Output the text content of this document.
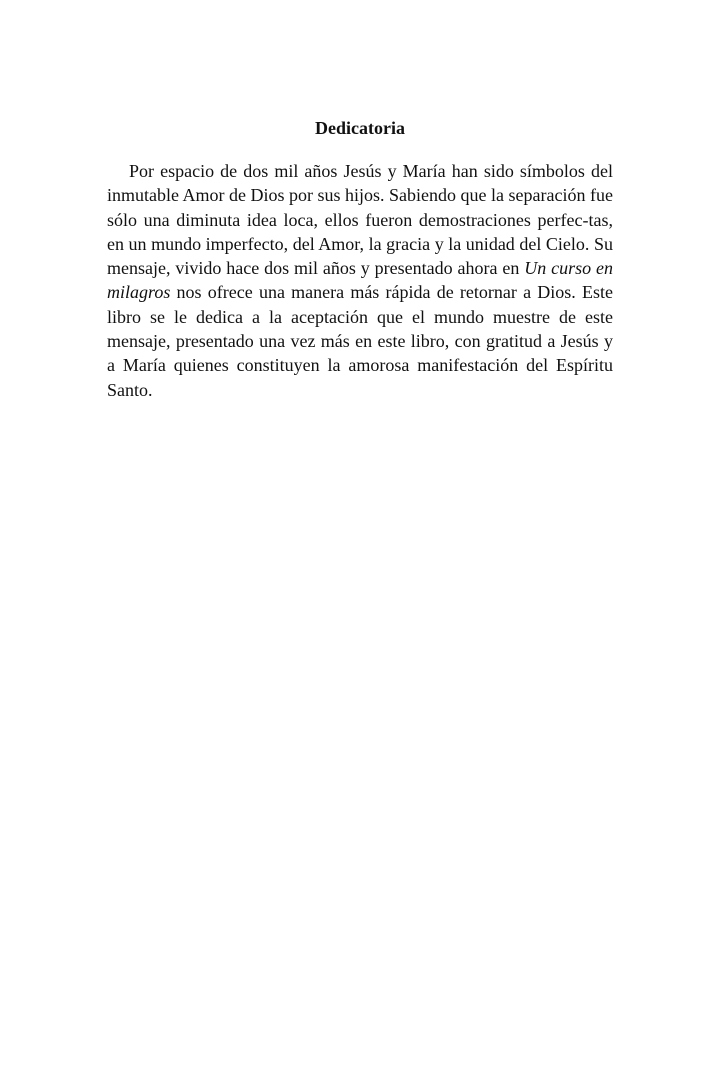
Dedicatoria

Por espacio de dos mil años Jesús y María han sido símbolos del inmutable Amor de Dios por sus hijos. Sabiendo que la separación fue sólo una diminuta idea loca, ellos fueron demostraciones perfec-tas, en un mundo imperfecto, del Amor, la gracia y la unidad del Cielo. Su mensaje, vivido hace dos mil años y presentado ahora en Un curso en milagros nos ofrece una manera más rápida de retornar a Dios. Este libro se le dedica a la aceptación que el mundo muestre de este mensaje, presentado una vez más en este libro, con gratitud a Jesús y a María quienes constituyen la amorosa manifestación del Espíritu Santo.
